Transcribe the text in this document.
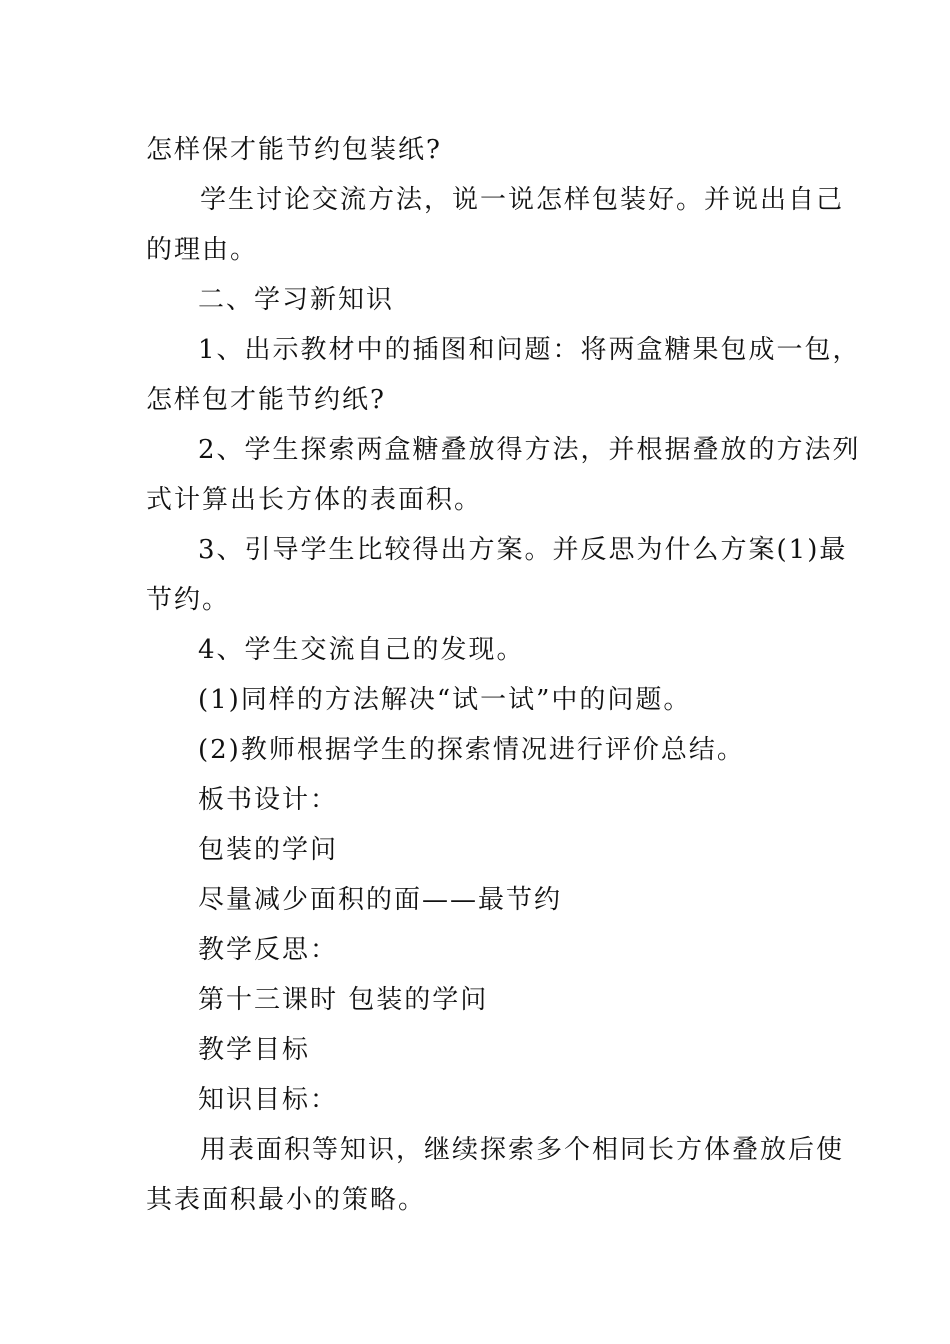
怎样保才能节约包装纸?
学生讨论交流方法，说一说怎样包装好。并说出自己
的理由。
二、学习新知识
1、出示教材中的插图和问题：将两盒糖果包成一包，
怎样包才能节约纸?
2、学生探索两盒糖叠放得方法，并根据叠放的方法列
式计算出长方体的表面积。
3、引导学生比较得出方案。并反思为什么方案(1)最
节约。
4、学生交流自己的发现。
(1)同样的方法解决“试一试”中的问题。
(2)教师根据学生的探索情况进行评价总结。
板书设计：
包装的学问
尽量减少面积的面——最节约
教学反思：
第十三课时 包装的学问
教学目标
知识目标：
用表面积等知识，继续探索多个相同长方体叠放后使
其表面积最小的策略。
